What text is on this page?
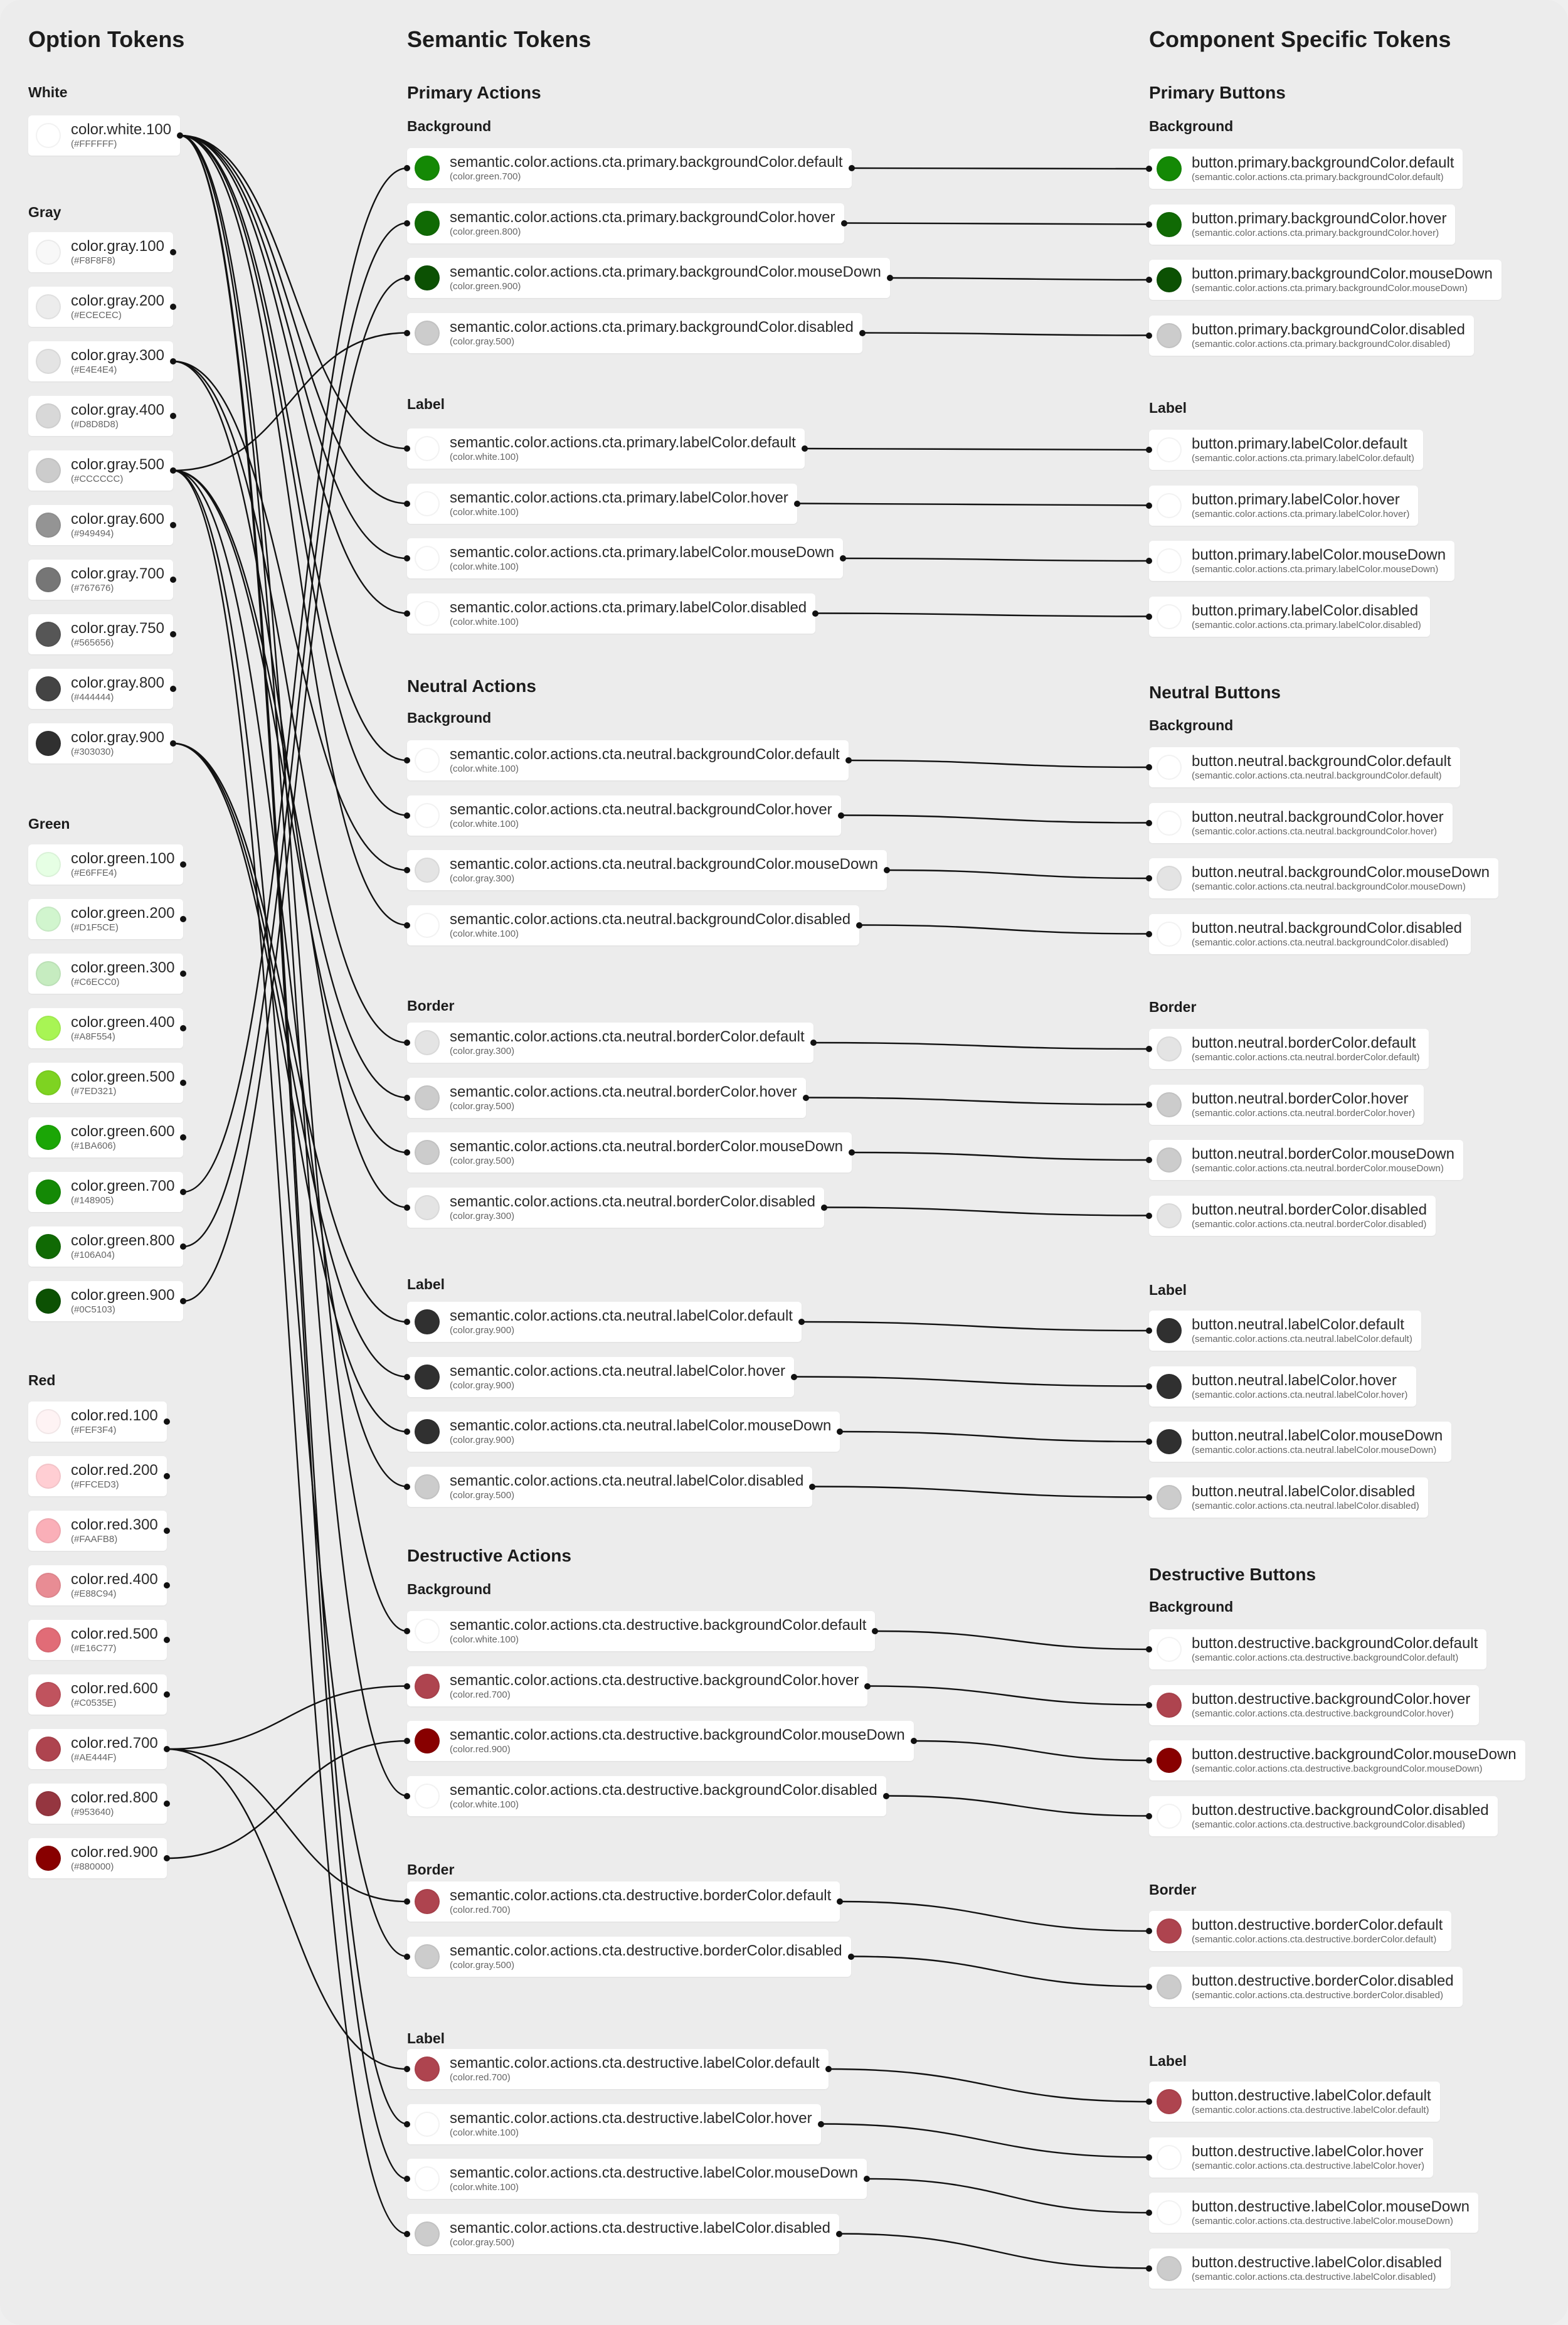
Option Tokens	Semantic Tokens	Component Specific Tokens
White
color.white.100
(#FFFFFF)
Gray
color.gray.100
(#F8F8F8)
color.gray.200
(#ECECEC)
color.gray.300
(#E4E4E4)
color.gray.400
(#D8D8D8)
color.gray.500
(#CCCCCC)
color.gray.600
(#949494)
color.gray.700
(#767676)
color.gray.750
(#565656)
color.gray.800
(#444444)
color.gray.900
(#303030)
Green
color.green.100
(#E6FFE4)
color.green.200
(#D1F5CE)
color.green.300
(#C6ECC0)
color.green.400
(#A8F554)
color.green.500
(#7ED321)
color.green.600
(#1BA606)
color.green.700
(#148905)
color.green.800
(#106A04)
color.green.900
(#0C5103)
Red
color.red.100
(#FEF3F4)
color.red.200
(#FFCED3)
color.red.300
(#FAAFB8)
color.red.400
(#E88C94)
color.red.500
(#E16C77)
color.red.600
(#C0535E)
color.red.700
(#AE444F)
color.red.800
(#953640)
color.red.900
(#880000)
Primary Actions
Background
semantic.color.actions.cta.primary.backgroundColor.default
(color.green.700)
semantic.color.actions.cta.primary.backgroundColor.hover
(color.green.800)
semantic.color.actions.cta.primary.backgroundColor.mouseDown
(color.green.900)
semantic.color.actions.cta.primary.backgroundColor.disabled
(color.gray.500)
Label
semantic.color.actions.cta.primary.labelColor.default
(color.white.100)
semantic.color.actions.cta.primary.labelColor.hover
(color.white.100)
semantic.color.actions.cta.primary.labelColor.mouseDown
(color.white.100)
semantic.color.actions.cta.primary.labelColor.disabled
(color.white.100)
Neutral Actions
Background
semantic.color.actions.cta.neutral.backgroundColor.default
(color.white.100)
semantic.color.actions.cta.neutral.backgroundColor.hover
(color.white.100)
semantic.color.actions.cta.neutral.backgroundColor.mouseDown
(color.gray.300)
semantic.color.actions.cta.neutral.backgroundColor.disabled
(color.white.100)
Border
semantic.color.actions.cta.neutral.borderColor.default
(color.gray.300)
semantic.color.actions.cta.neutral.borderColor.hover
(color.gray.500)
semantic.color.actions.cta.neutral.borderColor.mouseDown
(color.gray.500)
semantic.color.actions.cta.neutral.borderColor.disabled
(color.gray.300)
Label
semantic.color.actions.cta.neutral.labelColor.default
(color.gray.900)
semantic.color.actions.cta.neutral.labelColor.hover
(color.gray.900)
semantic.color.actions.cta.neutral.labelColor.mouseDown
(color.gray.900)
semantic.color.actions.cta.neutral.labelColor.disabled
(color.gray.500)
Destructive Actions
Background
semantic.color.actions.cta.destructive.backgroundColor.default
(color.white.100)
semantic.color.actions.cta.destructive.backgroundColor.hover
(color.red.700)
semantic.color.actions.cta.destructive.backgroundColor.mouseDown
(color.red.900)
semantic.color.actions.cta.destructive.backgroundColor.disabled
(color.white.100)
Border
semantic.color.actions.cta.destructive.borderColor.default
(color.red.700)
semantic.color.actions.cta.destructive.borderColor.disabled
(color.gray.500)
Label
semantic.color.actions.cta.destructive.labelColor.default
(color.red.700)
semantic.color.actions.cta.destructive.labelColor.hover
(color.white.100)
semantic.color.actions.cta.destructive.labelColor.mouseDown
(color.white.100)
semantic.color.actions.cta.destructive.labelColor.disabled
(color.gray.500)
Primary Buttons
Background
button.primary.backgroundColor.default
(semantic.color.actions.cta.primary.backgroundColor.default)
button.primary.backgroundColor.hover
(semantic.color.actions.cta.primary.backgroundColor.hover)
button.primary.backgroundColor.mouseDown
(semantic.color.actions.cta.primary.backgroundColor.mouseDown)
button.primary.backgroundColor.disabled
(semantic.color.actions.cta.primary.backgroundColor.disabled)
Label
button.primary.labelColor.default
(semantic.color.actions.cta.primary.labelColor.default)
button.primary.labelColor.hover
(semantic.color.actions.cta.primary.labelColor.hover)
button.primary.labelColor.mouseDown
(semantic.color.actions.cta.primary.labelColor.mouseDown)
button.primary.labelColor.disabled
(semantic.color.actions.cta.primary.labelColor.disabled)
Neutral Buttons
Background
button.neutral.backgroundColor.default
(semantic.color.actions.cta.neutral.backgroundColor.default)
button.neutral.backgroundColor.hover
(semantic.color.actions.cta.neutral.backgroundColor.hover)
button.neutral.backgroundColor.mouseDown
(semantic.color.actions.cta.neutral.backgroundColor.mouseDown)
button.neutral.backgroundColor.disabled
(semantic.color.actions.cta.neutral.backgroundColor.disabled)
Border
button.neutral.borderColor.default
(semantic.color.actions.cta.neutral.borderColor.default)
button.neutral.borderColor.hover
(semantic.color.actions.cta.neutral.borderColor.hover)
button.neutral.borderColor.mouseDown
(semantic.color.actions.cta.neutral.borderColor.mouseDown)
button.neutral.borderColor.disabled
(semantic.color.actions.cta.neutral.borderColor.disabled)
Label
button.neutral.labelColor.default
(semantic.color.actions.cta.neutral.labelColor.default)
button.neutral.labelColor.hover
(semantic.color.actions.cta.neutral.labelColor.hover)
button.neutral.labelColor.mouseDown
(semantic.color.actions.cta.neutral.labelColor.mouseDown)
button.neutral.labelColor.disabled
(semantic.color.actions.cta.neutral.labelColor.disabled)
Destructive Buttons
Background
button.destructive.backgroundColor.default
(semantic.color.actions.cta.destructive.backgroundColor.default)
button.destructive.backgroundColor.hover
(semantic.color.actions.cta.destructive.backgroundColor.hover)
button.destructive.backgroundColor.mouseDown
(semantic.color.actions.cta.destructive.backgroundColor.mouseDown)
button.destructive.backgroundColor.disabled
(semantic.color.actions.cta.destructive.backgroundColor.disabled)
Border
button.destructive.borderColor.default
(semantic.color.actions.cta.destructive.borderColor.default)
button.destructive.borderColor.disabled
(semantic.color.actions.cta.destructive.borderColor.disabled)
Label
button.destructive.labelColor.default
(semantic.color.actions.cta.destructive.labelColor.default)
button.destructive.labelColor.hover
(semantic.color.actions.cta.destructive.labelColor.hover)
button.destructive.labelColor.mouseDown
(semantic.color.actions.cta.destructive.labelColor.mouseDown)
button.destructive.labelColor.disabled
(semantic.color.actions.cta.destructive.labelColor.disabled)
